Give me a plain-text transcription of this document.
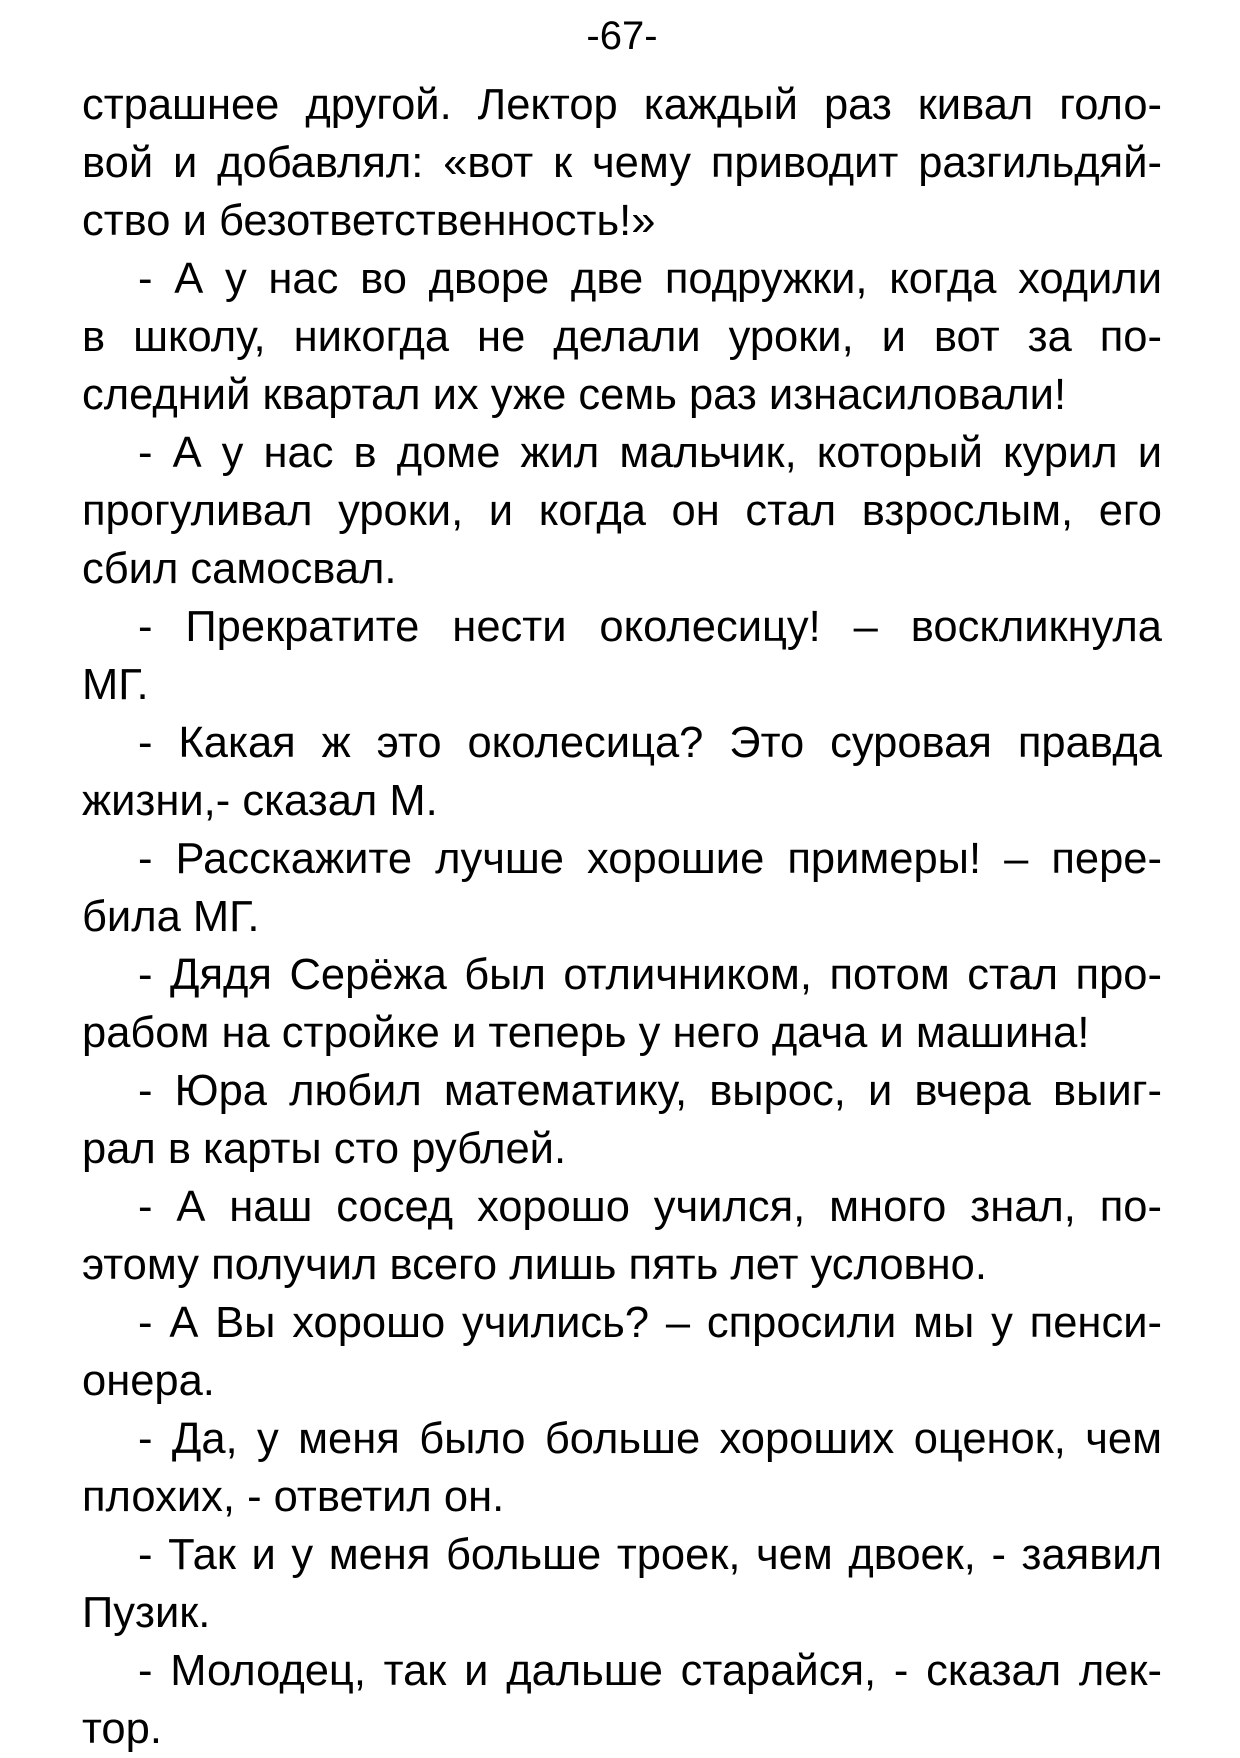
-67-
страшнее другой. Лектор каждый раз кивал голо-
вой и добавлял: «вот к чему приводит разгильдяй-
ство и безответственность!»
- А у нас во дворе две подружки, когда ходили
в школу, никогда не делали уроки, и вот за по-
следний квартал их уже семь раз изнасиловали!
- А у нас в доме жил мальчик, который курил и
прогуливал уроки, и когда он стал взрослым, его
сбил самосвал.
- Прекратите нести околесицу! – воскликнула
МГ.
- Какая ж это околесица? Это суровая правда
жизни,- сказал М.
- Расскажите лучше хорошие примеры! – пере-
била МГ.
- Дядя Серёжа был отличником, потом стал про-
рабом на стройке и теперь у него дача и машина!
- Юра любил математику, вырос, и вчера выиг-
рал в карты сто рублей.
- А наш сосед хорошо учился, много знал, по-
этому получил всего лишь пять лет условно.
- А Вы хорошо учились? – спросили мы у пенси-
онера.
- Да, у меня было больше хороших оценок, чем
плохих, - ответил он.
- Так и у меня больше троек, чем двоек, - заявил
Пузик.
- Молодец, так и дальше старайся, - сказал лек-
тор.
